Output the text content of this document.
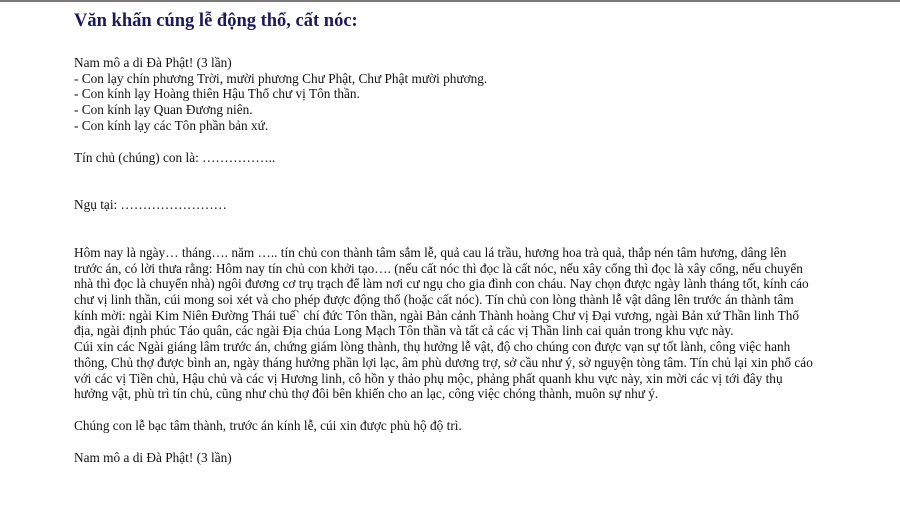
Văn khấn cúng lễ động thổ, cất nóc:

Nam mô a di Đà Phật! (3 lần)

- Con lạy chín phương Trời, mười phương Chư Phật, Chư Phật mười phương.

- Con kính lạy Hoàng thiên Hậu Thổ chư vị Tôn thần.

- Con kính lạy Quan Đương niên.

- Con kính lạy các Tôn phần bản xứ.

Tín chủ (chúng) con là: ……………..

Ngụ tại: ……………………

Hôm nay là ngày… tháng…. năm ….. tín chủ con thành tâm sắm lễ, quả cau lá trầu, hương hoa trà quả, thắp nén tâm hương, dâng lên trước án, có lời thưa rằng: Hôm nay tín chủ con khởi tạo…. (nếu cất nóc thì đọc là cất nóc, nếu xây cổng thì đọc là xây cổng, nếu chuyển nhà thì đọc là chuyển nhà) ngôi đương cơ trụ trạch để làm nơi cư ngụ cho gia đình con cháu. Nay chọn được ngày lành tháng tốt, kính cáo chư vị linh thần, cúi mong soi xét và cho phép được động thổ (hoặc cất nóc). Tín chủ con lòng thành lễ vật dâng lên trước án thành tâm kính mời: ngài Kim Niên Đường Thái tuế` chí đức Tôn thần, ngài Bản cảnh Thành hoàng Chư vị Đại vương, ngài Bản xứ Thần linh Thổ địa, ngài định phúc Táo quân, các ngài Địa chúa Long Mạch Tôn thần và tất cả các vị Thần linh cai quản trong khu vực này.

Cúi xin các Ngài giáng lâm trước án, chứng giám lòng thành, thụ hưởng lễ vật, độ cho chúng con được vạn sự tốt lành, công việc hanh thông, Chủ thợ được bình an, ngày tháng hưởng phần lợi lạc, âm phù dương trợ, sở cầu như ý, sở nguyện tòng tâm. Tín chủ lại xin phổ cáo với các vị Tiền chủ, Hậu chủ và các vị Hương linh, cô hồn y thảo phụ mộc, phảng phất quanh khu vực này, xin mời các vị tới đây thụ hưởng vật, phù trì tín chủ, cũng như chủ thợ đôi bên khiến cho an lạc, công việc chóng thành, muôn sự như ý.

Chúng con lễ bạc tâm thành, trước án kính lễ, cúi xin được phù hộ độ trì.

Nam mô a di Đà Phật! (3 lần)
